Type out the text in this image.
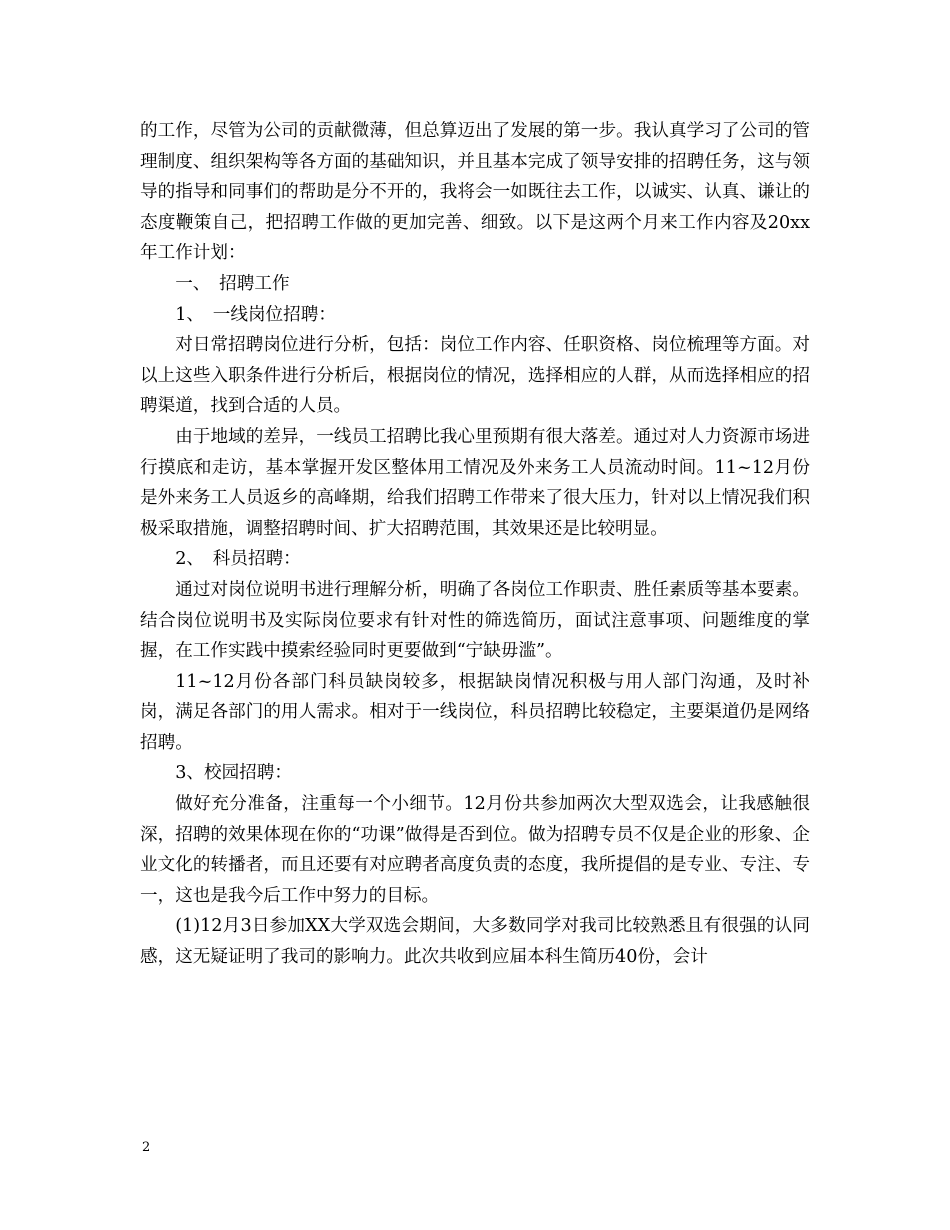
的工作，尽管为公司的贡献微薄，但总算迈出了发展的第一步。我认真学习了公司的管理制度、组织架构等各方面的基础知识，并且基本完成了领导安排的招聘任务，这与领导的指导和同事们的帮助是分不开的，我将会一如既往去工作，以诚实、认真、谦让的态度鞭策自己，把招聘工作做的更加完善、细致。以下是这两个月来工作内容及20xx年工作计划：

一、　招聘工作

1、　一线岗位招聘：

对日常招聘岗位进行分析，包括：岗位工作内容、任职资格、岗位梳理等方面。对以上这些入职条件进行分析后，根据岗位的情况，选择相应的人群，从而选择相应的招聘渠道，找到合适的人员。

由于地域的差异，一线员工招聘比我心里预期有很大落差。通过对人力资源市场进行摸底和走访，基本掌握开发区整体用工情况及外来务工人员流动时间。11~12月份是外来务工人员返乡的高峰期，给我们招聘工作带来了很大压力，针对以上情况我们积极采取措施，调整招聘时间、扩大招聘范围，其效果还是比较明显。

2、　科员招聘：

通过对岗位说明书进行理解分析，明确了各岗位工作职责、胜任素质等基本要素。结合岗位说明书及实际岗位要求有针对性的筛选简历，面试注意事项、问题维度的掌握，在工作实践中摸索经验同时更要做到“宁缺毋滥”。

11~12月份各部门科员缺岗较多，根据缺岗情况积极与用人部门沟通，及时补岗，满足各部门的用人需求。相对于一线岗位，科员招聘比较稳定，主要渠道仍是网络招聘。

3、校园招聘：

做好充分准备，注重每一个小细节。12月份共参加两次大型双选会，让我感触很深，招聘的效果体现在你的“功课”做得是否到位。做为招聘专员不仅是企业的形象、企业文化的转播者，而且还要有对应聘者高度负责的态度，我所提倡的是专业、专注、专一，这也是我今后工作中努力的目标。

(1)12月3日参加XX大学双选会期间，大多数同学对我司比较熟悉且有很强的认同感，这无疑证明了我司的影响力。此次共收到应届本科生简历40份，会计

2
